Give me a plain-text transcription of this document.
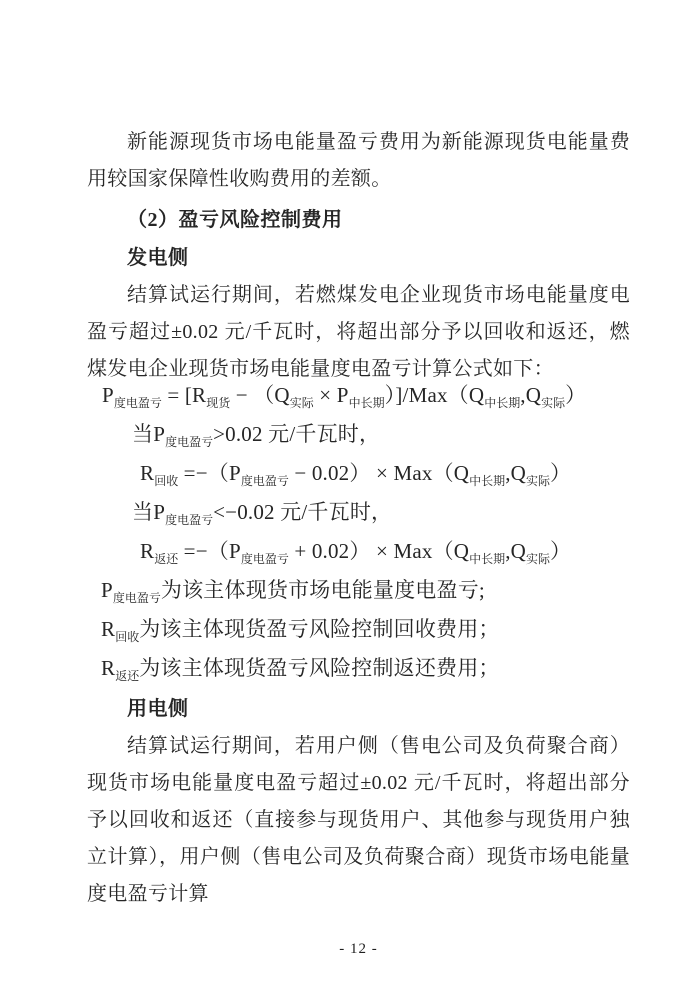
新能源现货市场电能量盈亏费用为新能源现货电能量费用较国家保障性收购费用的差额。

（2）盈亏风险控制费用

发电侧

结算试运行期间，若燃煤发电企业现货市场电能量度电盈亏超过±0.02 元/千瓦时，将超出部分予以回收和返还，燃煤发电企业现货市场电能量度电盈亏计算公式如下：

$P_{度电盈亏} = [R_{现货} - (Q_{实际} \times P_{中长期})]/Max(Q_{中长期},Q_{实际})$
当$P_{度电盈亏}>0.02$ 元/千瓦时，
$R_{回收} =-(P_{度电盈亏} - 0.02) \times Max(Q_{中长期},Q_{实际})$
当$P_{度电盈亏}<-0.02$ 元/千瓦时，
$R_{返还} =-(P_{度电盈亏} + 0.02) \times Max(Q_{中长期},Q_{实际})$
$P_{度电盈亏}$为该主体现货市场电能量度电盈亏;
$R_{回收}$为该主体现货盈亏风险控制回收费用；
$R_{返还}$为该主体现货盈亏风险控制返还费用；

用电侧

结算试运行期间，若用户侧（售电公司及负荷聚合商）现货市场电能量度电盈亏超过±0.02 元/千瓦时，将超出部分予以回收和返还（直接参与现货用户、其他参与现货用户独立计算），用户侧（售电公司及负荷聚合商）现货市场电能量度电盈亏计算

- 12 -
